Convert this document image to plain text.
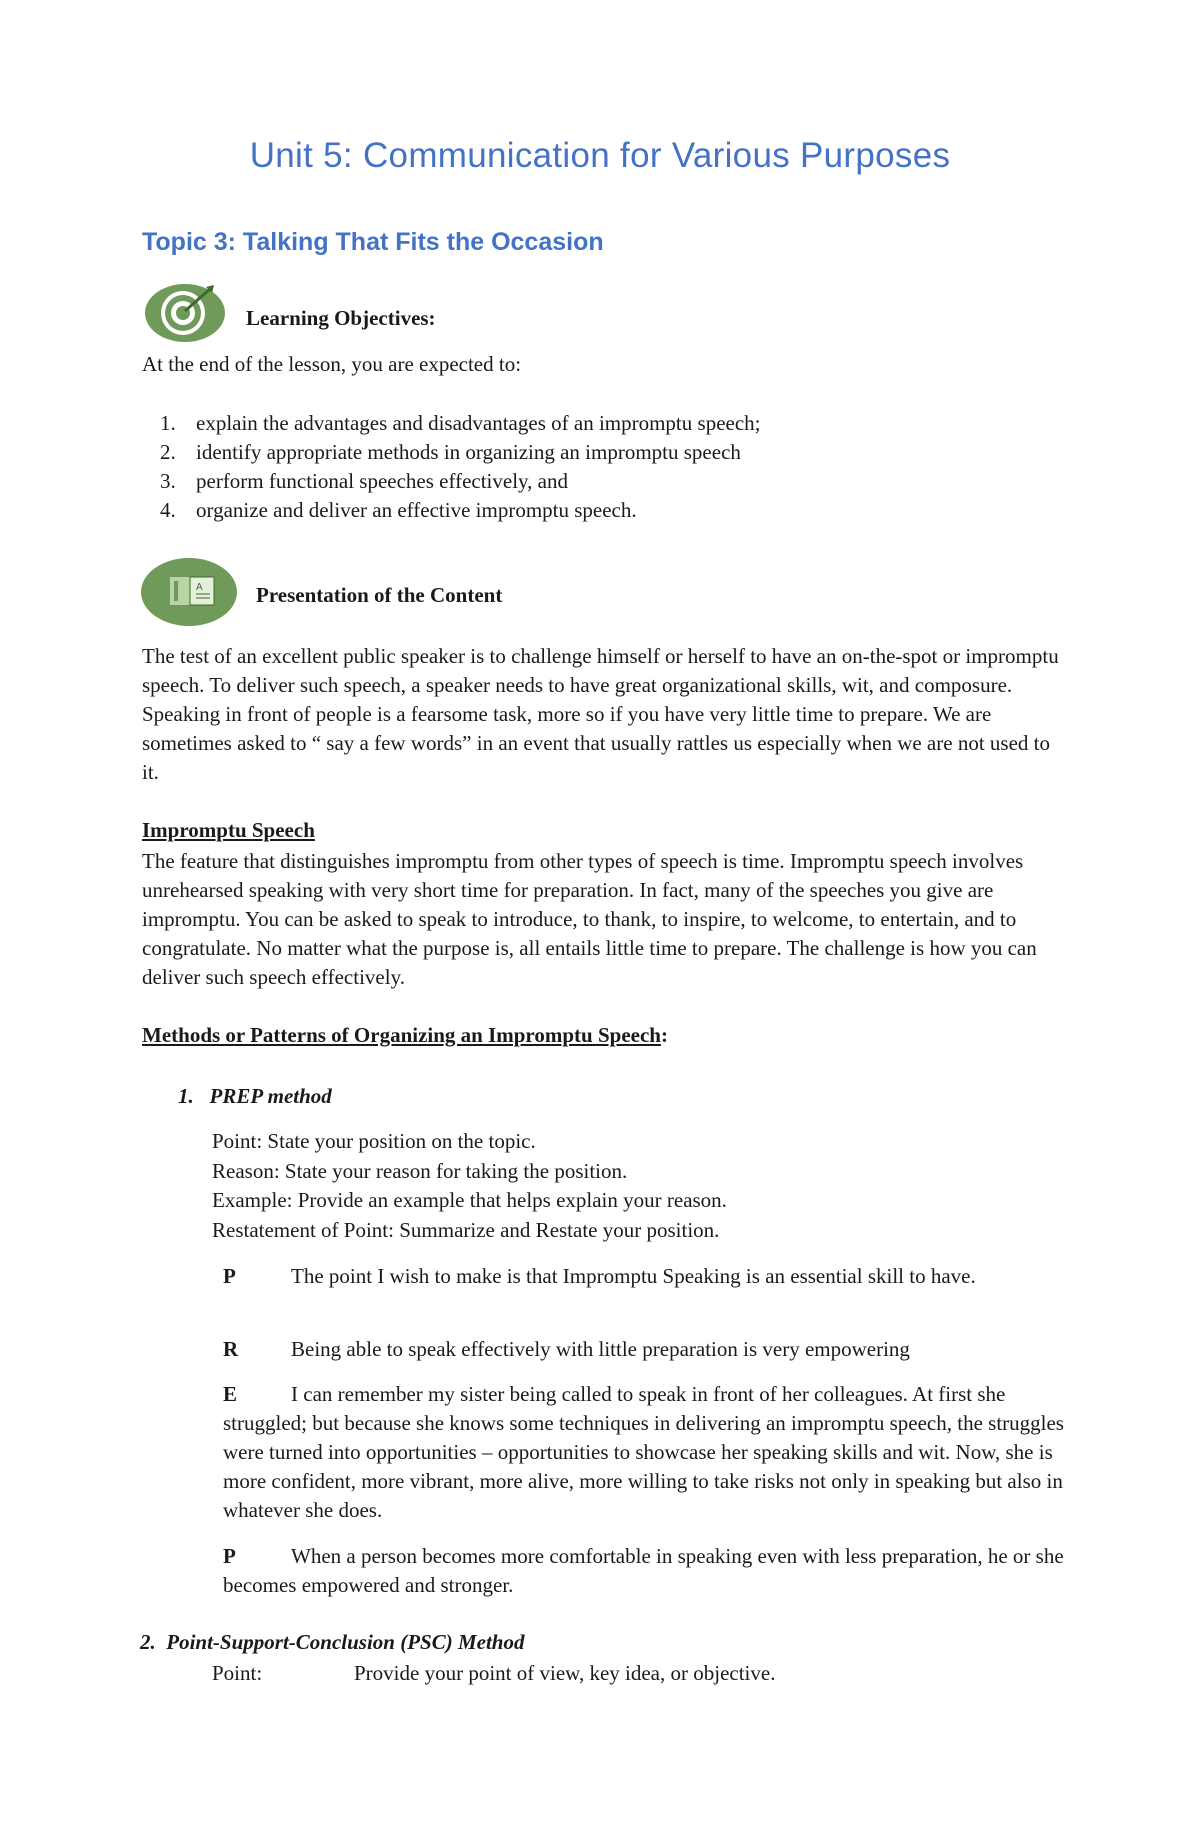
Unit 5: Communication for Various Purposes
Topic 3: Talking That Fits the Occasion
Learning Objectives:

At the end of the lesson, you are expected to:

1. explain the advantages and disadvantages of an impromptu speech;
2. identify appropriate methods in organizing an impromptu speech
3. perform functional speeches effectively, and
4. organize and deliver an effective impromptu speech.
A	Presentation of the Content

The test of an excellent public speaker is to challenge himself or herself to have an on-the-spot or impromptu speech. To deliver such speech, a speaker needs to have great organizational skills, wit, and composure. Speaking in front of people is a fearsome task, more so if you have very little time to prepare. We are sometimes asked to “ say a few words” in an event that usually rattles us especially when we are not used to it.

Impromptu Speech

The feature that distinguishes impromptu from other types of speech is time. Impromptu speech involves unrehearsed speaking with very short time for preparation. In fact, many of the speeches you give are impromptu. You can be asked to speak to introduce, to thank, to inspire, to welcome, to entertain, and to congratulate. No matter what the purpose is, all entails little time to prepare. The challenge is how you can deliver such speech effectively.

Methods or Patterns of Organizing an Impromptu Speech:
1.   PREP method
Point: State your position on the topic.
Reason: State your reason for taking the position.
Example: Provide an example that helps explain your reason.
Restatement of Point: Summarize and Restate your position.
P	The point I wish to make is that Impromptu Speaking is an essential skill to have.
R	Being able to speak effectively with little preparation is very empowering
E	I can remember my sister being called to speak in front of her colleagues. At first she struggled; but because she knows some techniques in delivering an impromptu speech, the struggles were turned into opportunities – opportunities to showcase her speaking skills and wit. Now, she is more confident, more vibrant, more alive, more willing to take risks not only in speaking but also in whatever she does.
P	When a person becomes more comfortable in speaking even with less preparation, he or she becomes empowered and stronger.
2.  Point-Support-Conclusion (PSC) Method
Point:	Provide your point of view, key idea, or objective.
